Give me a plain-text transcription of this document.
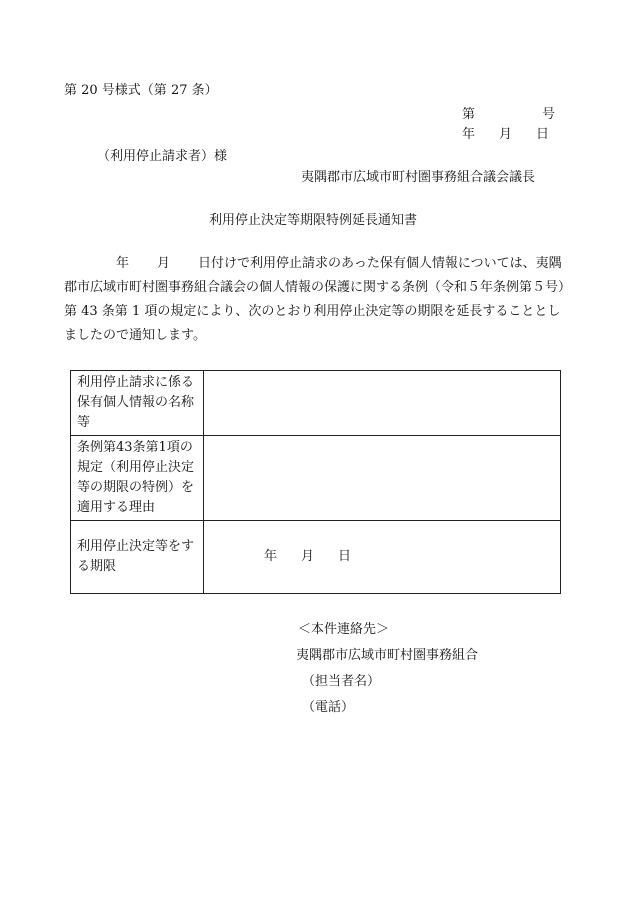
第 20 号様式（第 27 条）
第	号
年 月 日
（利用停止請求者）様
夷隅郡市広域市町村圏事務組合議会議長
利用停止決定等期限特例延長通知書
年 月 日付けで利用停止請求のあった保有個人情報については、夷隅
郡市広域市町村圏事務組合議会の個人情報の保護に関する条例（令和５年条例第５号）
第 43 条第 1 項の規定により、次のとおり利用停止決定等の期限を延長することとし
ましたので通知します。
利用停止請求に係る
保有個人情報の名称
等	

条例第43条第1項の
規定（利用停止決定
等の期限の特例）を
適用する理由	

利用停止決定等をす
る期限	年 月 日
＜本件連絡先＞
夷隅郡市広域市町村圏事務組合
（担当者名）
（電話）
